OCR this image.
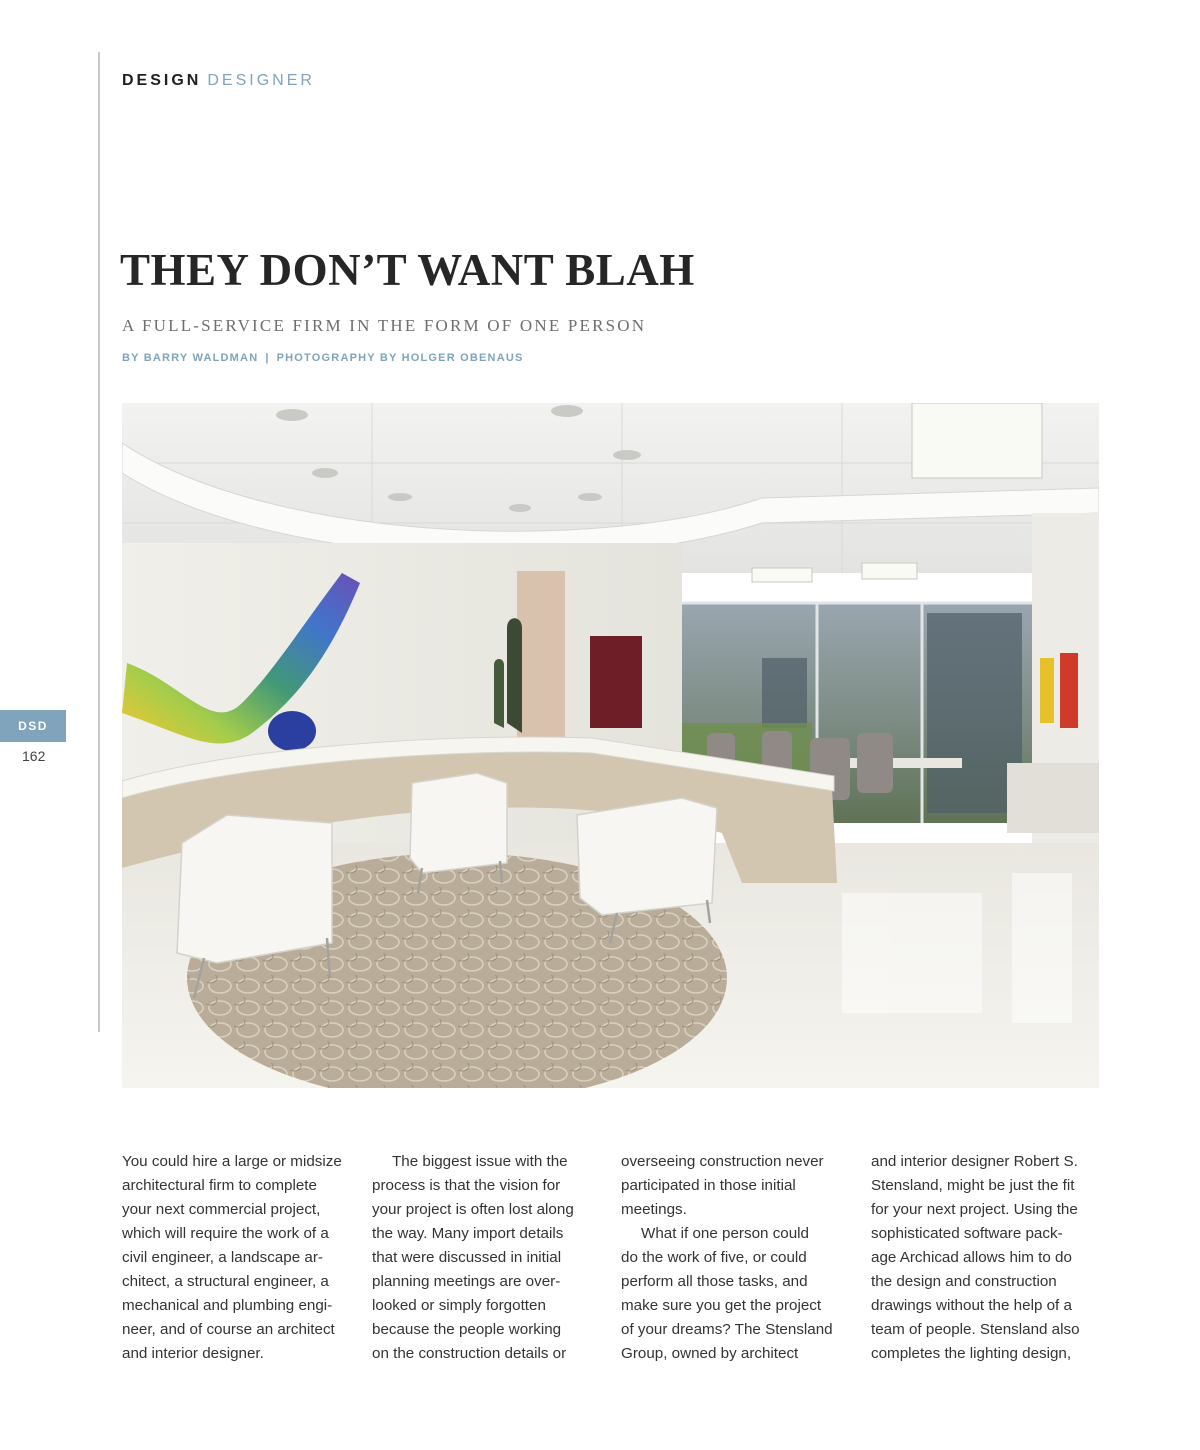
DESIGN DESIGNER
THEY DON’T WANT BLAH

A FULL-SERVICE FIRM IN THE FORM OF ONE PERSON

BY BARRY WALDMAN | PHOTOGRAPHY BY HOLGER OBENAUS
DSD
162
You could hire a large or midsize
architectural firm to complete
your next commercial project,
which will require the work of a
civil engineer, a landscape ar-
chitect, a structural engineer, a
mechanical and plumbing engi-
neer, and of course an architect
and interior designer.
The biggest issue with the
process is that the vision for
your project is often lost along
the way. Many import details
that were discussed in initial
planning meetings are over-
looked or simply forgotten
because the people working
on the construction details or
overseeing construction never
participated in those initial
meetings.
What if one person could
do the work of five, or could
perform all those tasks, and
make sure you get the project
of your dreams? The Stensland
Group, owned by architect
and interior designer Robert S.
Stensland, might be just the fit
for your next project. Using the
sophisticated software pack-
age Archicad allows him to do
the design and construction
drawings without the help of a
team of people. Stensland also
completes the lighting design,
